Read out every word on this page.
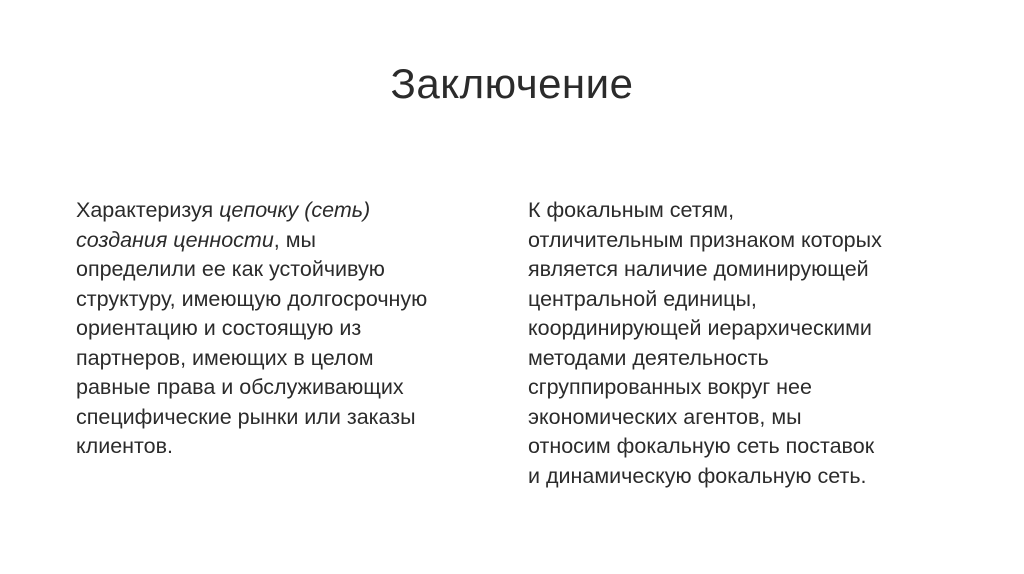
Заключение
Характеризуя цепочку (сеть)
создания ценности, мы
определили ее как устойчивую
структуру, имеющую долгосрочную
ориентацию и состоящую из
партнеров, имеющих в целом
равные права и обслуживающих
специфические рынки или заказы
клиентов.
К фокальным сетям,
отличительным признаком которых
является наличие доминирующей
центральной единицы,
координирующей иерархическими
методами деятельность
сгруппированных вокруг нее
экономических агентов, мы
относим фокальную сеть поставок
и динамическую фокальную сеть.
